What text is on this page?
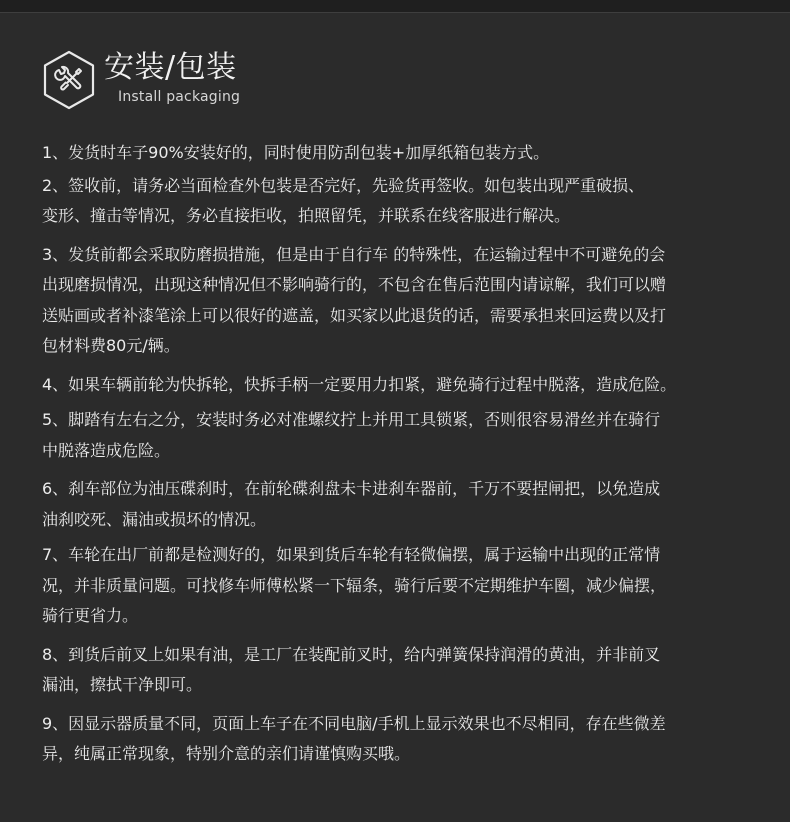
安装/包装
Install packaging

1、发货时车子90%安装好的，同时使用防刮包装+加厚纸箱包装方式。

2、签收前，请务必当面检查外包装是否完好，先验货再签收。如包装出现严重破损、

变形、撞击等情况，务必直接拒收，拍照留凭，并联系在线客服进行解决。

3、发货前都会采取防磨损措施，但是由于自行车 的特殊性，在运输过程中不可避免的会

出现磨损情况，出现这种情况但不影响骑行的，不包含在售后范围内请谅解，我们可以赠

送贴画或者补漆笔涂上可以很好的遮盖，如买家以此退货的话，需要承担来回运费以及打

包材料费80元/辆。

4、如果车辆前轮为快拆轮，快拆手柄一定要用力扣紧，避免骑行过程中脱落，造成危险。

5、脚踏有左右之分，安装时务必对准螺纹拧上并用工具锁紧，否则很容易滑丝并在骑行

中脱落造成危险。

6、刹车部位为油压碟刹时，在前轮碟刹盘未卡进刹车器前，千万不要捏闸把，以免造成

油刹咬死、漏油或损坏的情况。

7、车轮在出厂前都是检测好的，如果到货后车轮有轻微偏摆，属于运输中出现的正常情

况，并非质量问题。可找修车师傅松紧一下辐条，骑行后要不定期维护车圈，减少偏摆，

骑行更省力。

8、到货后前叉上如果有油，是工厂在装配前叉时，给内弹簧保持润滑的黄油，并非前叉

漏油，擦拭干净即可。

9、因显示器质量不同，页面上车子在不同电脑/手机上显示效果也不尽相同，存在些微差

异，纯属正常现象，特别介意的亲们请谨慎购买哦。
